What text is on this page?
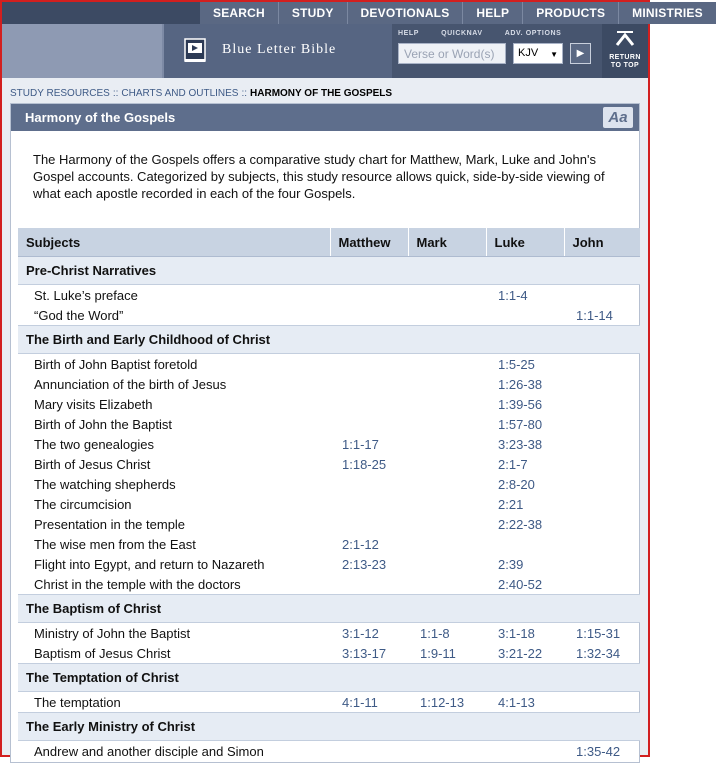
SEARCH	STUDY	DEVOTIONALS	HELP	PRODUCTS	MINISTRIES
Blue Letter Bible
HELP	QUICKNAV	ADV. OPTIONS
Verse or Word(s)	KJV ▼	▶	RETURN
TO TOP
STUDY RESOURCES :: CHARTS AND OUTLINES :: HARMONY OF THE GOSPELS
Harmony of the Gospels	Aa
The Harmony of the Gospels offers a comparative study chart for Matthew, Mark, Luke and John's Gospel accounts. Categorized by subjects, this study resource allows quick, side-by-side viewing of what each apostle recorded in each of the four Gospels.
Subjects	Matthew	Mark	Luke	John
Pre-Christ Narratives				
St. Luke’s preface			1:1-4	
“God the Word”				1:1-14
The Birth and Early Childhood of Christ				
Birth of John Baptist foretold			1:5-25	
Annunciation of the birth of Jesus			1:26-38	
Mary visits Elizabeth			1:39-56	
Birth of John the Baptist			1:57-80	
The two genealogies	1:1-17		3:23-38	
Birth of Jesus Christ	1:18-25		2:1-7	
The watching shepherds			2:8-20	
The circumcision			2:21	
Presentation in the temple			2:22-38	
The wise men from the East	2:1-12			
Flight into Egypt, and return to Nazareth	2:13-23		2:39	
Christ in the temple with the doctors			2:40-52	
The Baptism of Christ				
Ministry of John the Baptist	3:1-12	1:1-8	3:1-18	1:15-31
Baptism of Jesus Christ	3:13-17	1:9-11	3:21-22	1:32-34
The Temptation of Christ				
The temptation	4:1-11	1:12-13	4:1-13	
The Early Ministry of Christ				
Andrew and another disciple and Simon				1:35-42
